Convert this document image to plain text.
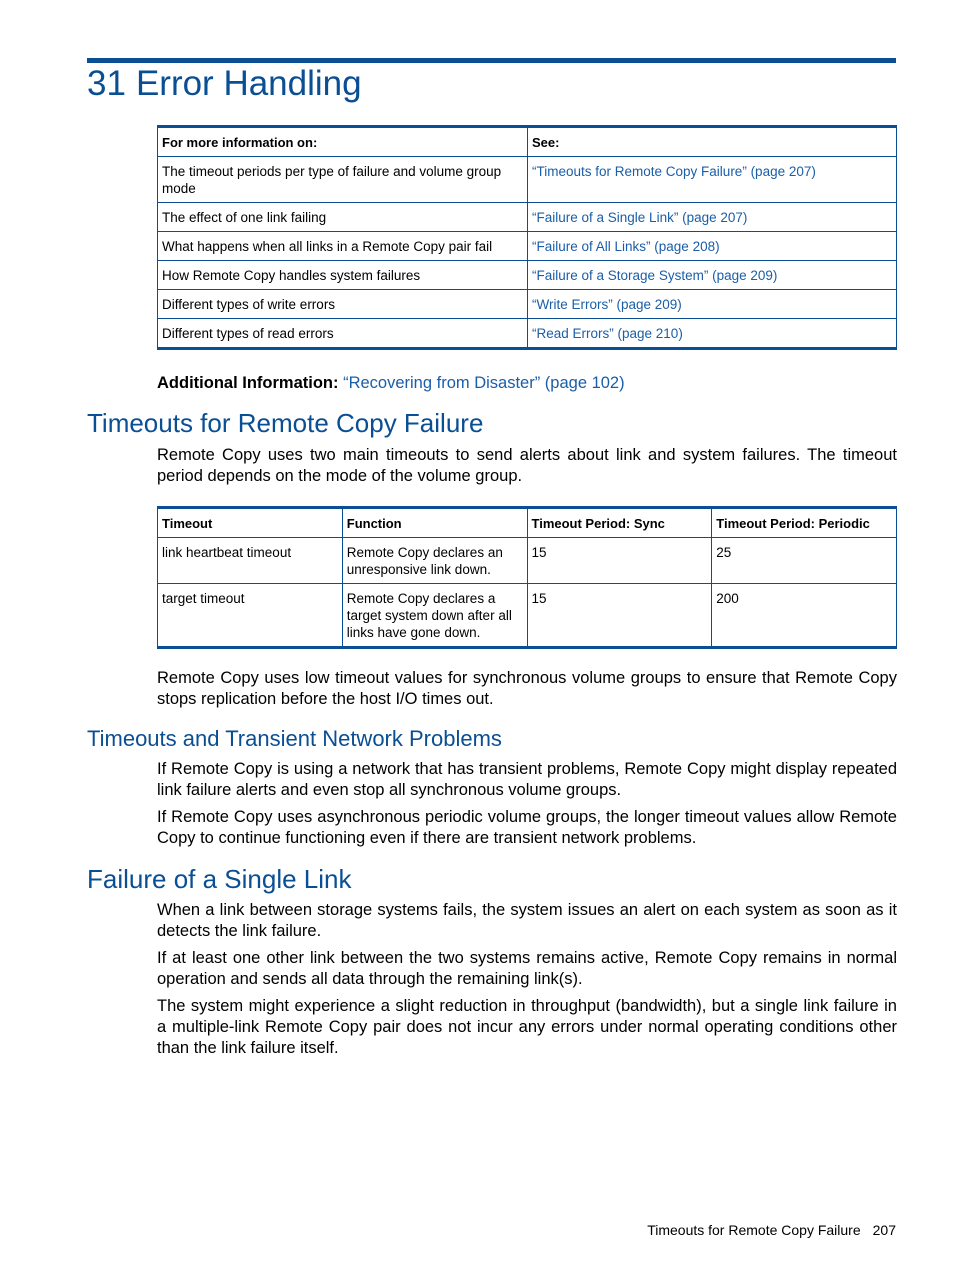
31 Error Handling
For more information on:	See:
The timeout periods per type of failure and volume group mode	“Timeouts for Remote Copy Failure” (page 207)
The effect of one link failing	“Failure of a Single Link” (page 207)
What happens when all links in a Remote Copy pair fail	“Failure of All Links” (page 208)
How Remote Copy handles system failures	“Failure of a Storage System” (page 209)
Different types of write errors	“Write Errors” (page 209)
Different types of read errors	“Read Errors” (page 210)

Additional Information: “Recovering from Disaster” (page 102)

Timeouts for Remote Copy Failure

Remote Copy uses two main timeouts to send alerts about link and system failures. The timeout period depends on the mode of the volume group.

Timeout	Function	Timeout Period: Sync	Timeout Period: Periodic
link heartbeat timeout	Remote Copy declares an unresponsive link down.	15	25
target timeout	Remote Copy declares a target system down after all links have gone down.	15	200

Remote Copy uses low timeout values for synchronous volume groups to ensure that Remote Copy stops replication before the host I/O times out.

Timeouts and Transient Network Problems

If Remote Copy is using a network that has transient problems, Remote Copy might display repeated link failure alerts and even stop all synchronous volume groups.

If Remote Copy uses asynchronous periodic volume groups, the longer timeout values allow Remote Copy to continue functioning even if there are transient network problems.

Failure of a Single Link

When a link between storage systems fails, the system issues an alert on each system as soon as it detects the link failure.

If at least one other link between the two systems remains active, Remote Copy remains in normal operation and sends all data through the remaining link(s).

The system might experience a slight reduction in throughput (bandwidth), but a single link failure in a multiple-link Remote Copy pair does not incur any errors under normal operating conditions other than the link failure itself.

Timeouts for Remote Copy Failure 207
